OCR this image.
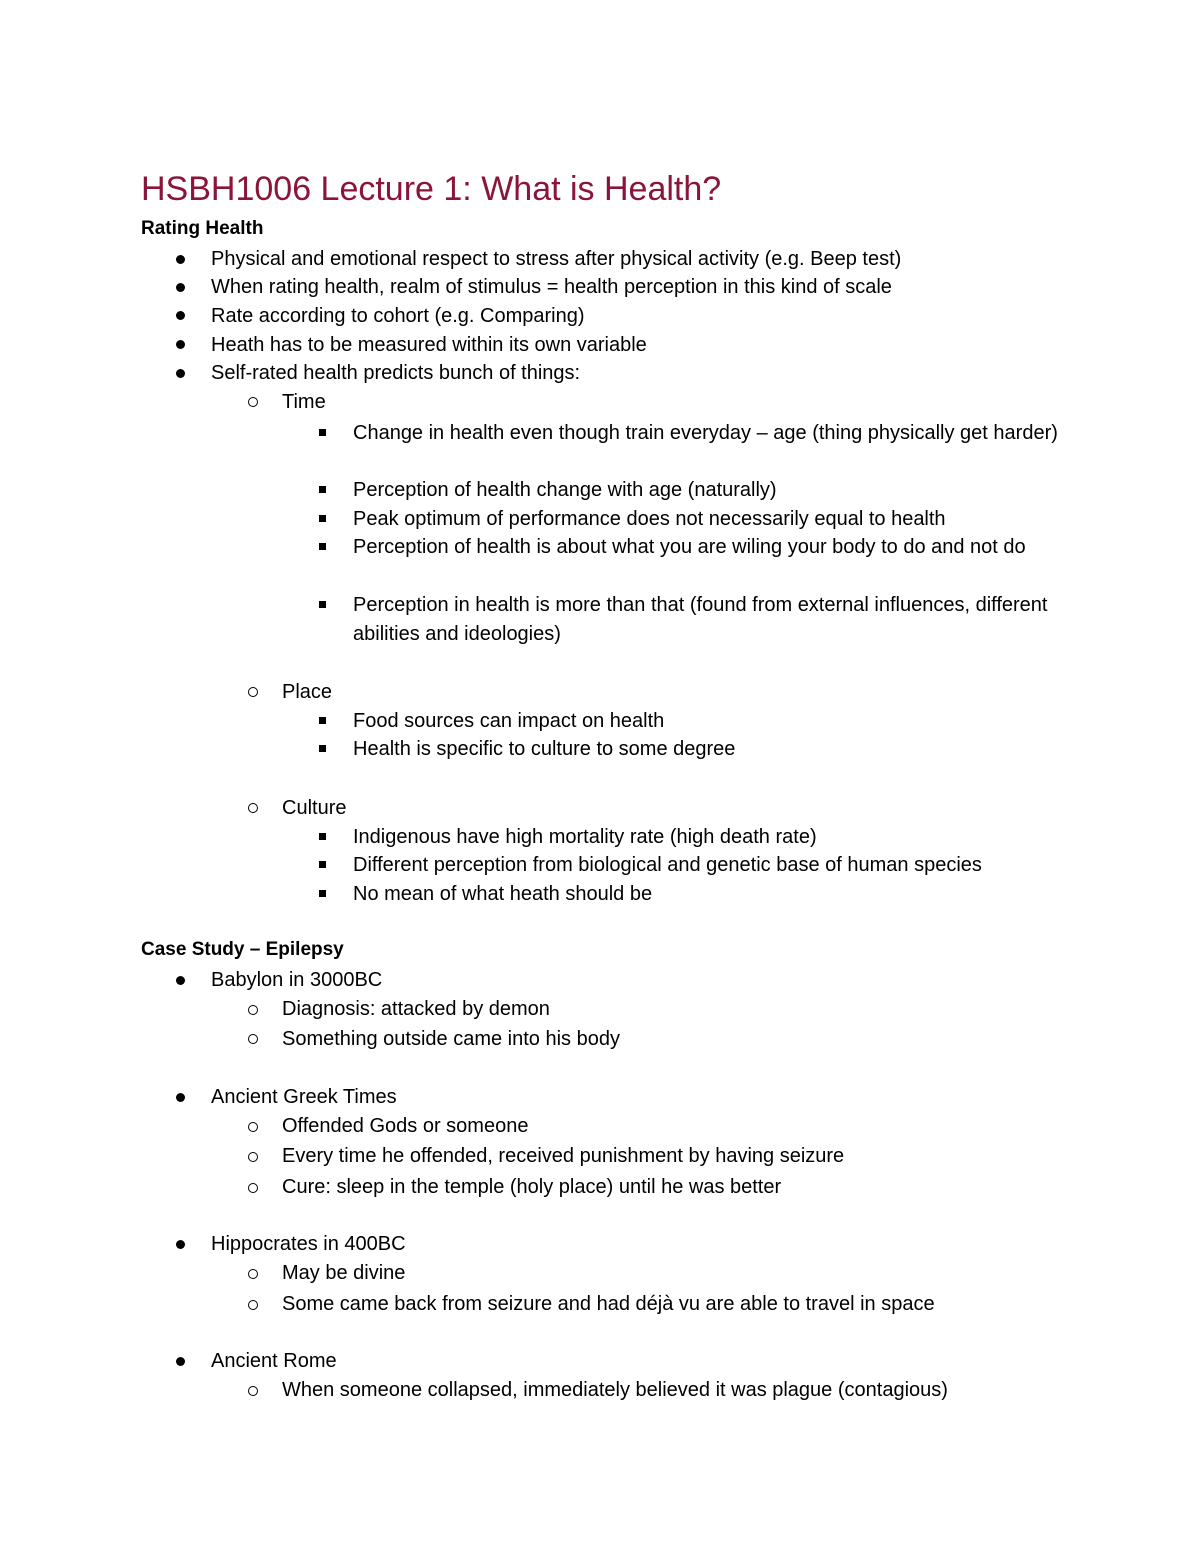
HSBH1006 Lecture 1: What is Health?
Rating Health
Physical and emotional respect to stress after physical activity (e.g. Beep test)
When rating health, realm of stimulus = health perception in this kind of scale
Rate according to cohort (e.g. Comparing)
Heath has to be measured within its own variable
Self-rated health predicts bunch of things:
Time
Change in health even though train everyday – age (thing physically get harder)
Perception of health change with age (naturally)
Peak optimum of performance does not necessarily equal to health
Perception of health is about what you are wiling your body to do and not do
Perception in health is more than that (found from external influences, different abilities and ideologies)
Place
Food sources can impact on health
Health is specific to culture to some degree
Culture
Indigenous have high mortality rate (high death rate)
Different perception from biological and genetic base of human species
No mean of what heath should be
Case Study – Epilepsy
Babylon in 3000BC
Diagnosis: attacked by demon
Something outside came into his body
Ancient Greek Times
Offended Gods or someone
Every time he offended, received punishment by having seizure
Cure: sleep in the temple (holy place) until he was better
Hippocrates in 400BC
May be divine
Some came back from seizure and had déjà vu are able to travel in space
Ancient Rome
When someone collapsed, immediately believed it was plague (contagious)
